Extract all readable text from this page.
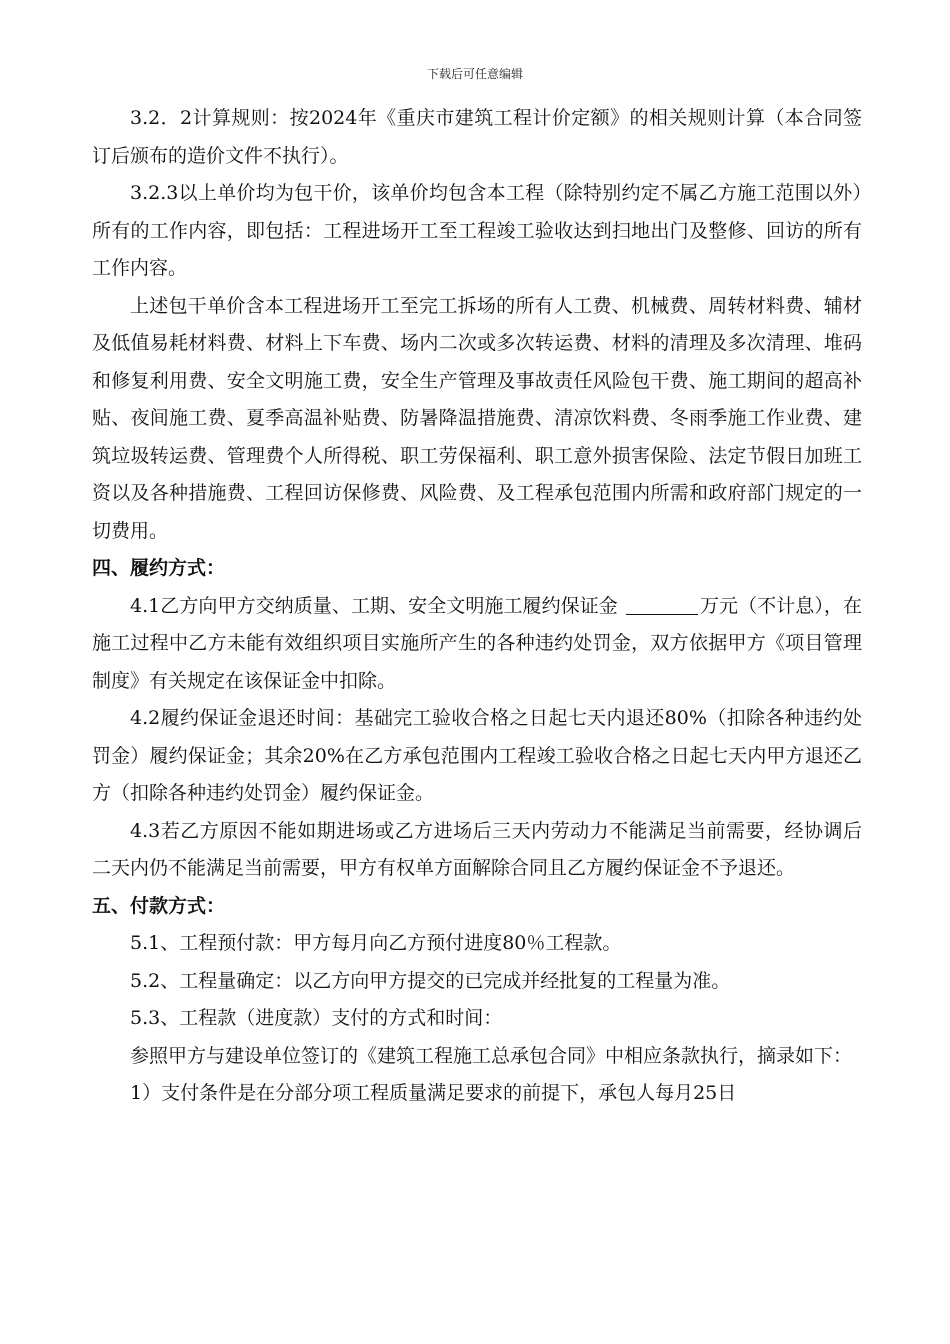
下载后可任意编辑

3.2．2计算规则：按2024年《重庆市建筑工程计价定额》的相关规则计算（本合同签订后颁布的造价文件不执行）。

3.2.3以上单价均为包干价，该单价均包含本工程（除特别约定不属乙方施工范围以外）所有的工作内容，即包括：工程进场开工至工程竣工验收达到扫地出门及整修、回访的所有工作内容。

上述包干单价含本工程进场开工至完工拆场的所有人工费、机械费、周转材料费、辅材及低值易耗材料费、材料上下车费、场内二次或多次转运费、材料的清理及多次清理、堆码和修复利用费、安全文明施工费，安全生产管理及事故责任风险包干费、施工期间的超高补贴、夜间施工费、夏季高温补贴费、防暑降温措施费、清凉饮料费、冬雨季施工作业费、建筑垃圾转运费、管理费个人所得税、职工劳保福利、职工意外损害保险、法定节假日加班工资以及各种措施费、工程回访保修费、风险费、及工程承包范围内所需和政府部门规定的一切费用。

四、履约方式：

4.1乙方向甲方交纳质量、工期、安全文明施工履约保证金	万元（不计息），在施工过程中乙方未能有效组织项目实施所产生的各种违约处罚金，双方依据甲方《项目管理制度》有关规定在该保证金中扣除。

4.2履约保证金退还时间：基础完工验收合格之日起七天内退还80%（扣除各种违约处罚金）履约保证金；其余20%在乙方承包范围内工程竣工验收合格之日起七天内甲方退还乙方（扣除各种违约处罚金）履约保证金。

4.3若乙方原因不能如期进场或乙方进场后三天内劳动力不能满足当前需要，经协调后二天内仍不能满足当前需要，甲方有权单方面解除合同且乙方履约保证金不予退还。

五、付款方式：

5.1、工程预付款：甲方每月向乙方预付进度80％工程款。

5.2、工程量确定：以乙方向甲方提交的已完成并经批复的工程量为准。

5.3、工程款（进度款）支付的方式和时间：

参照甲方与建设单位签订的《建筑工程施工总承包合同》中相应条款执行，摘录如下：

1）支付条件是在分部分项工程质量满足要求的前提下，承包人每月25日
